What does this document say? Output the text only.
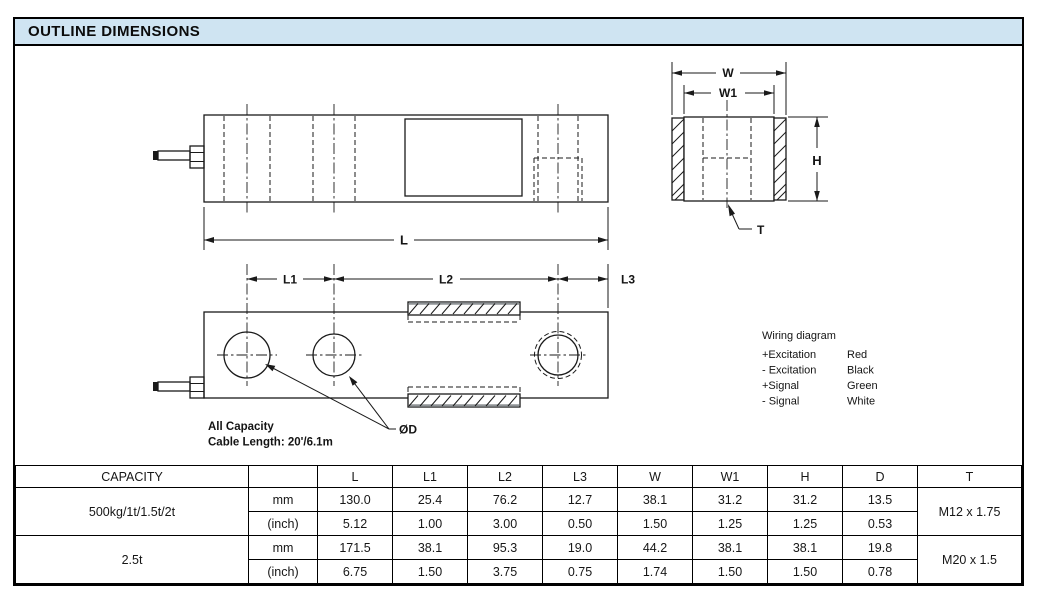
OUTLINE DIMENSIONS
CAPACITY		L	L1	L2	L3	W	W1	H	D	T
500kg/1t/1.5t/2t	mm	130.0	25.4	76.2	12.7	38.1	31.2	31.2	13.5	M12 x 1.75
	(inch)	5.12	1.00	3.00	0.50	1.50	1.25	1.25	0.53	
2.5t	mm	171.5	38.1	95.3	19.0	44.2	38.1	38.1	19.8	M20 x 1.5
	(inch)	6.75	1.50	3.75	0.75	1.74	1.50	1.50	0.78	
L
W
W1
H
T
L1	L2	L3
ØD
All Capacity
Cable Length: 20'/6.1m
Wiring diagram
+Excitation	Red
- Excitation	Black
+Signal	Green
- Signal	White
